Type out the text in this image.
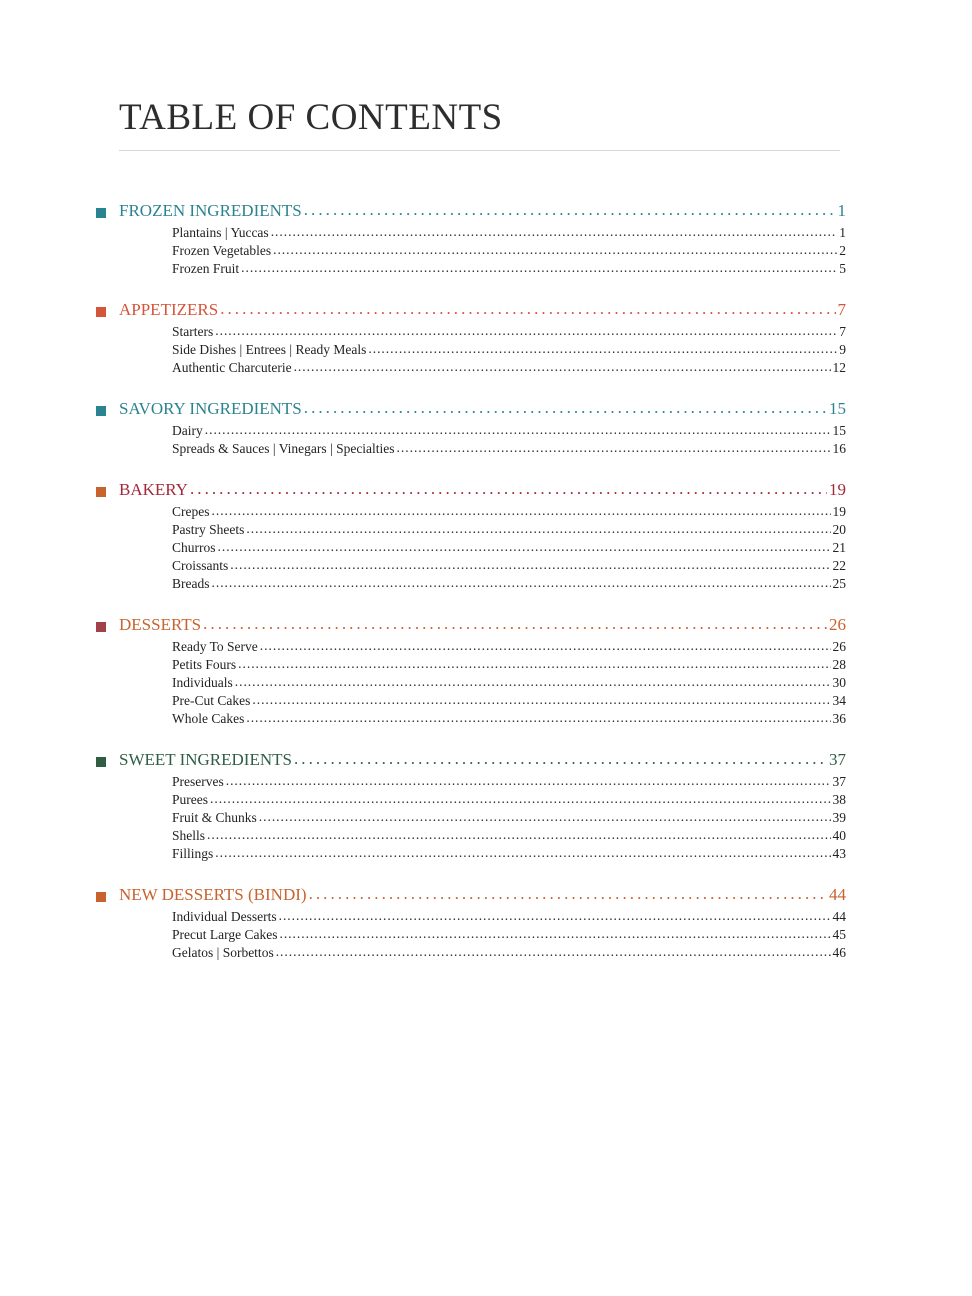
TABLE OF CONTENTS
FROZEN INGREDIENTS . . .	1
Plantains | Yuccas . . .	1
Frozen Vegetables . . .	2
Frozen Fruit . . .	5
APPETIZERS . . .	7
Starters . . .	7
Side Dishes | Entrees | Ready Meals . . .	9
Authentic Charcuterie . . .	12
SAVORY INGREDIENTS . . .	15
Dairy . . .	15
Spreads & Sauces | Vinegars | Specialties . . .	16
BAKERY . . .	19
Crepes . . .	19
Pastry Sheets . . .	20
Churros . . .	21
Croissants . . .	22
Breads . . .	25
DESSERTS . . .	26
Ready To Serve . . .	26
Petits Fours . . .	28
Individuals . . .	30
Pre-Cut Cakes . . .	34
Whole Cakes . . .	36
SWEET INGREDIENTS . . .	37
Preserves . . .	37
Purees . . .	38
Fruit & Chunks . . .	39
Shells . . .	40
Fillings . . .	43
NEW DESSERTS (BINDI) . . .	44
Individual Desserts . . .	44
Precut Large Cakes . . .	45
Gelatos | Sorbettos . . .	46
